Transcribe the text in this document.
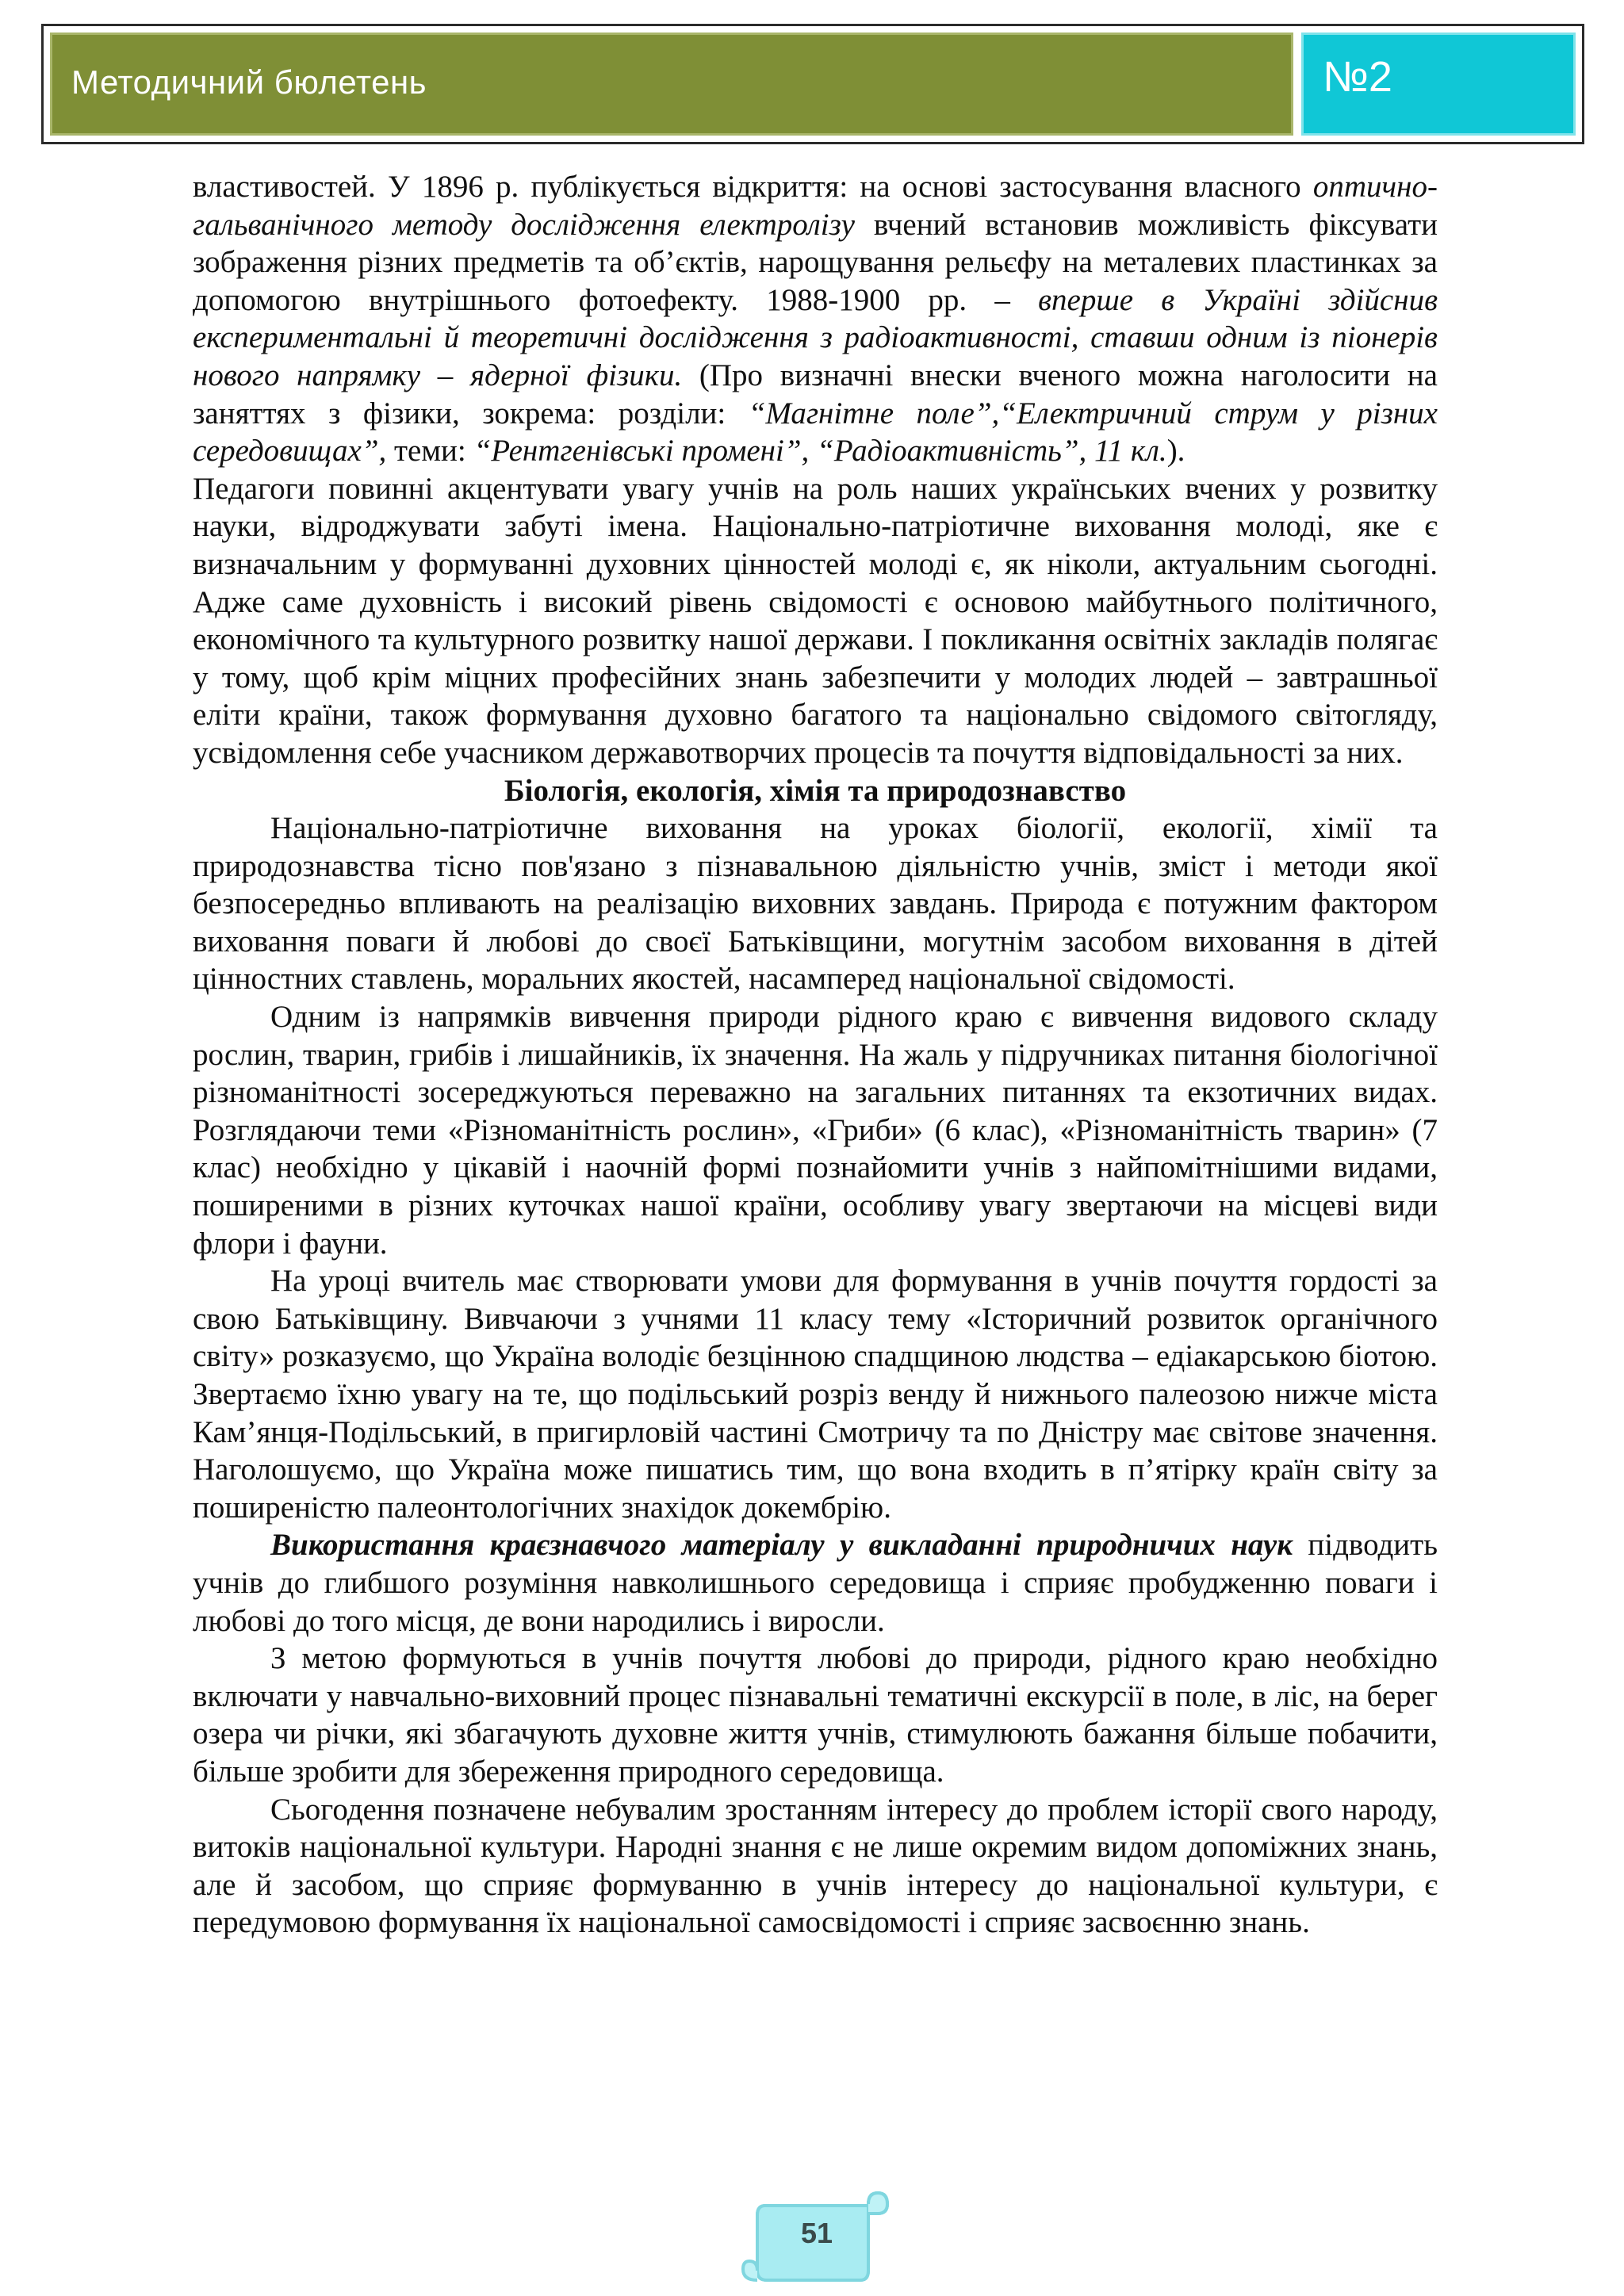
Методичний бюлетень	№2

властивостей. У 1896 р. публікується відкриття: на основі застосування власного оптично-гальванічного методу дослідження електролізу вчений встановив можливість фіксувати зображення різних предметів та об’єктів, нарощування рельєфу на металевих пластинках за допомогою внутрішнього фотоефекту. 1988-1900 рр. – вперше в Україні здійснив експериментальні й теоретичні дослідження з радіоактивності, ставши одним із піонерів нового напрямку – ядерної фізики. (Про визначні внески вченого можна наголосити на заняттях з фізики, зокрема: розділи: “Магнітне поле”,“Електричний струм у різних середовищах”, теми: “Рентгенівські промені”, “Радіоактивність”, 11 кл.).

Педагоги повинні акцентувати увагу учнів на роль наших українських вчених у розвитку науки, відроджувати забуті імена. Національно-патріотичне виховання молоді, яке є визначальним у формуванні духовних цінностей молоді є, як ніколи, актуальним сьогодні. Адже саме духовність і високий рівень свідомості є основою майбутнього політичного, економічного та культурного розвитку нашої держави. І покликання освітніх закладів полягає у тому, щоб крім міцних професійних знань забезпечити у молодих людей – завтрашньої еліти країни, також формування духовно багатого та національно свідомого світогляду, усвідомлення себе учасником державотворчих процесів та почуття відповідальності за них.

Біологія, екологія, хімія та природознавство

Національно-патріотичне виховання на уроках біології, екології, хімії та природознавства тісно пов'язано з пізнавальною діяльністю учнів, зміст і методи якої безпосередньо впливають на реалізацію виховних завдань. Природа є потужним фактором виховання поваги й любові до своєї Батьківщини, могутнім засобом виховання в дітей цінностних ставлень, моральних якостей, насамперед національної свідомості.

Одним із напрямків вивчення природи рідного краю є вивчення видового складу рослин, тварин, грибів і лишайників, їх значення. На жаль у підручниках питання біологічної різноманітності зосереджуються переважно на загальних питаннях та екзотичних видах. Розглядаючи теми «Різноманітність рослин», «Гриби» (6 клас), «Різноманітність тварин» (7 клас) необхідно у цікавій і наочній формі познайомити учнів з найпомітнішими видами, поширеними в різних куточках нашої країни, особливу увагу звертаючи на місцеві види флори і фауни.

На уроці вчитель має створювати умови для формування в учнів почуття гордості за свою Батьківщину. Вивчаючи з учнями 11 класу тему «Історичний розвиток органічного світу» розказуємо, що Україна володіє безцінною спадщиною людства – едіакарською біотою. Звертаємо їхню увагу на те, що подільський розріз венду й нижнього палеозою нижче міста Кам’янця-Подільський, в пригирловій частині Смотричу та по Дністру має світове значення. Наголошуємо, що Україна може пишатись тим, що вона входить в п’ятірку країн світу за поширеністю палеонтологічних знахідок докембрію.

Використання краєзнавчого матеріалу у викладанні природничих наук підводить учнів до глибшого розуміння навколишнього середовища і сприяє пробудженню поваги і любові до того місця, де вони народились і виросли.

З метою формуються в учнів почуття любові до природи, рідного краю необхідно включати у навчально-виховний процес пізнавальні тематичні екскурсії в поле, в ліс, на берег озера чи річки, які збагачують духовне життя учнів, стимулюють бажання більше побачити, більше зробити для збереження природного середовища.

Сьогодення позначене небувалим зростанням інтересу до проблем історії свого народу, витоків національної культури. Народні знання є не лише окремим видом допоміжних знань, але й засобом, що сприяє формуванню в учнів інтересу до національної культури, є передумовою формування їх національної самосвідомості і сприяє засвоєнню знань.

51
